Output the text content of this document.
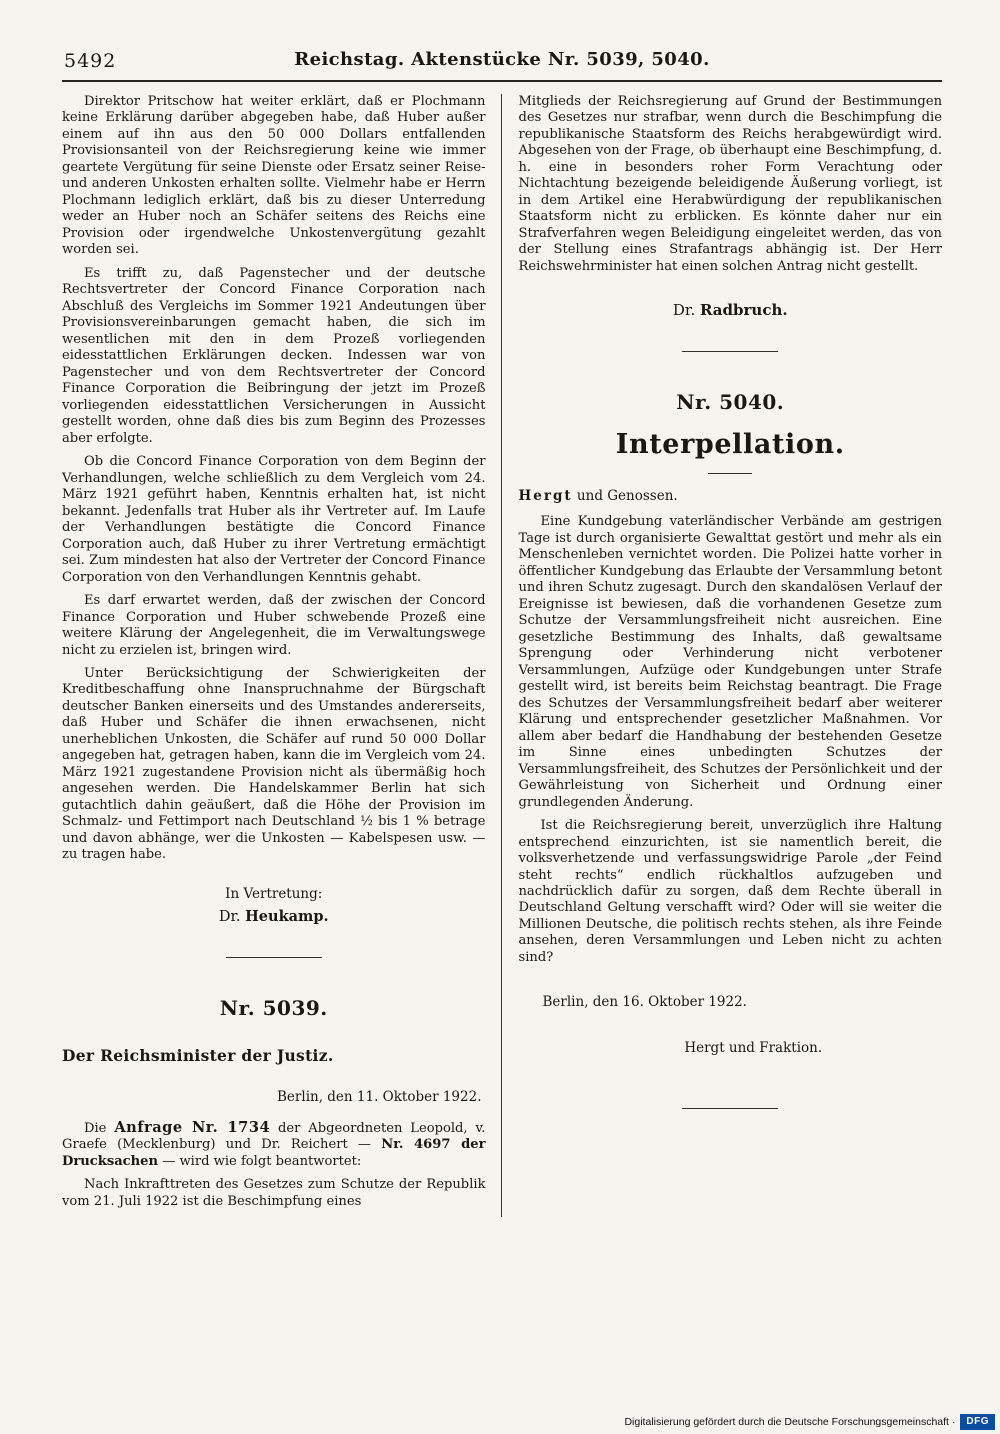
5492	Reichstag. Aktenstücke Nr. 5039, 5040.

Direktor Pritschow hat weiter erklärt, daß er Plochmann keine Erklärung darüber abgegeben habe, daß Huber außer einem auf ihn aus den 50 000 Dollars entfallenden Provisionsanteil von der Reichsregierung keine wie immer geartete Vergütung für seine Dienste oder Ersatz seiner Reise- und anderen Unkosten erhalten sollte. Vielmehr habe er Herrn Plochmann lediglich erklärt, daß bis zu dieser Unterredung weder an Huber noch an Schäfer seitens des Reichs eine Provision oder irgendwelche Unkostenvergütung gezahlt worden sei.

Es trifft zu, daß Pagenstecher und der deutsche Rechtsvertreter der Concord Finance Corporation nach Abschluß des Vergleichs im Sommer 1921 Andeutungen über Provisionsvereinbarungen gemacht haben, die sich im wesentlichen mit den in dem Prozeß vorliegenden eidesstattlichen Erklärungen decken. Indessen war von Pagenstecher und von dem Rechtsvertreter der Concord Finance Corporation die Beibringung der jetzt im Prozeß vorliegenden eidesstattlichen Versicherungen in Aussicht gestellt worden, ohne daß dies bis zum Beginn des Prozesses aber erfolgte.

Ob die Concord Finance Corporation von dem Beginn der Verhandlungen, welche schließlich zu dem Vergleich vom 24. März 1921 geführt haben, Kenntnis erhalten hat, ist nicht bekannt. Jedenfalls trat Huber als ihr Vertreter auf. Im Laufe der Verhandlungen bestätigte die Concord Finance Corporation auch, daß Huber zu ihrer Vertretung ermächtigt sei. Zum mindesten hat also der Vertreter der Concord Finance Corporation von den Verhandlungen Kenntnis gehabt.

Es darf erwartet werden, daß der zwischen der Concord Finance Corporation und Huber schwebende Prozeß eine weitere Klärung der Angelegenheit, die im Verwaltungswege nicht zu erzielen ist, bringen wird.

Unter Berücksichtigung der Schwierigkeiten der Kreditbeschaffung ohne Inanspruchnahme der Bürgschaft deutscher Banken einerseits und des Umstandes andererseits, daß Huber und Schäfer die ihnen erwachsenen, nicht unerheblichen Unkosten, die Schäfer auf rund 50 000 Dollar angegeben hat, getragen haben, kann die im Vergleich vom 24. März 1921 zugestandene Provision nicht als übermäßig hoch angesehen werden. Die Handelskammer Berlin hat sich gutachtlich dahin geäußert, daß die Höhe der Provision im Schmalz- und Fettimport nach Deutschland ½ bis 1 % betrage und davon abhänge, wer die Unkosten — Kabelspesen usw. — zu tragen habe.

In Vertretung:
Dr. Heukamp.
Nr. 5039.
Der Reichsminister der Justiz.
Berlin, den 11. Oktober 1922.

Die Anfrage Nr. 1734 der Abgeordneten Leopold, v. Graefe (Mecklenburg) und Dr. Reichert — Nr. 4697 der Drucksachen — wird wie folgt beantwortet:

Nach Inkrafttreten des Gesetzes zum Schutze der Republik vom 21. Juli 1922 ist die Beschimpfung eines

Mitglieds der Reichsregierung auf Grund der Bestimmungen des Gesetzes nur strafbar, wenn durch die Beschimpfung die republikanische Staatsform des Reichs herabgewürdigt wird. Abgesehen von der Frage, ob überhaupt eine Beschimpfung, d. h. eine in besonders roher Form Verachtung oder Nichtachtung bezeigende beleidigende Äußerung vorliegt, ist in dem Artikel eine Herabwürdigung der republikanischen Staatsform nicht zu erblicken. Es könnte daher nur ein Strafverfahren wegen Beleidigung eingeleitet werden, das von der Stellung eines Strafantrags abhängig ist. Der Herr Reichswehrminister hat einen solchen Antrag nicht gestellt.

Dr. Radbruch.
Nr. 5040.
Interpellation.
Hergt und Genossen.

Eine Kundgebung vaterländischer Verbände am gestrigen Tage ist durch organisierte Gewalttat gestört und mehr als ein Menschenleben vernichtet worden. Die Polizei hatte vorher in öffentlicher Kundgebung das Erlaubte der Versammlung betont und ihren Schutz zugesagt. Durch den skandalösen Verlauf der Ereignisse ist bewiesen, daß die vorhandenen Gesetze zum Schutze der Versammlungsfreiheit nicht ausreichen. Eine gesetzliche Bestimmung des Inhalts, daß gewaltsame Sprengung oder Verhinderung nicht verbotener Versammlungen, Aufzüge oder Kundgebungen unter Strafe gestellt wird, ist bereits beim Reichstag beantragt. Die Frage des Schutzes der Versammlungsfreiheit bedarf aber weiterer Klärung und entsprechender gesetzlicher Maßnahmen. Vor allem aber bedarf die Handhabung der bestehenden Gesetze im Sinne eines unbedingten Schutzes der Versammlungsfreiheit, des Schutzes der Persönlichkeit und der Gewährleistung von Sicherheit und Ordnung einer grundlegenden Änderung.

Ist die Reichsregierung bereit, unverzüglich ihre Haltung entsprechend einzurichten, ist sie namentlich bereit, die volksverhetzende und verfassungswidrige Parole „der Feind steht rechts“ endlich rückhaltlos aufzugeben und nachdrücklich dafür zu sorgen, daß dem Rechte überall in Deutschland Geltung verschafft wird? Oder will sie weiter die Millionen Deutsche, die politisch rechts stehen, als ihre Feinde ansehen, deren Versammlungen und Leben nicht zu achten sind?

Berlin, den 16. Oktober 1922.
Hergt und Fraktion.
Digitalisierung gefördert durch die Deutsche Forschungsgemeinschaft ·	DFG
